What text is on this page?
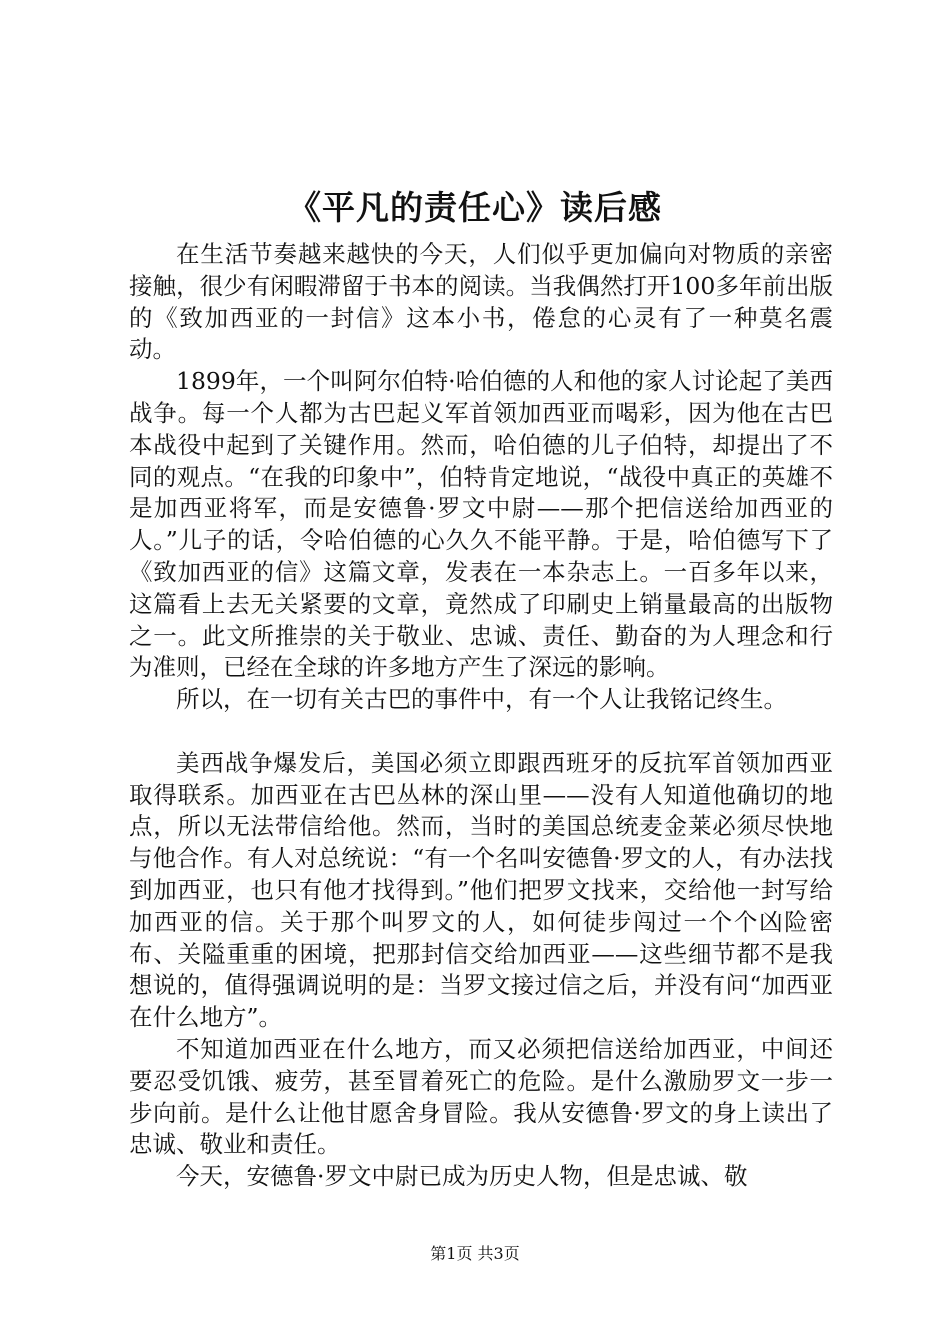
《平凡的责任心》读后感

在生活节奏越来越快的今天，人们似乎更加偏向对物质的亲密接触，很少有闲暇滞留于书本的阅读。当我偶然打开100多年前出版的《致加西亚的一封信》这本小书，倦怠的心灵有了一种莫名震动。

1899年，一个叫阿尔伯特·哈伯德的人和他的家人讨论起了美西战争。每一个人都为古巴起义军首领加西亚而喝彩，因为他在古巴本战役中起到了关键作用。然而，哈伯德的儿子伯特，却提出了不同的观点。“在我的印象中”，伯特肯定地说，“战役中真正的英雄不是加西亚将军，而是安德鲁·罗文中尉——那个把信送给加西亚的人。”儿子的话，令哈伯德的心久久不能平静。于是，哈伯德写下了《致加西亚的信》这篇文章，发表在一本杂志上。一百多年以来，这篇看上去无关紧要的文章，竟然成了印刷史上销量最高的出版物之一。此文所推崇的关于敬业、忠诚、责任、勤奋的为人理念和行为准则，已经在全球的许多地方产生了深远的影响。

所以，在一切有关古巴的事件中，有一个人让我铭记终生。

美西战争爆发后，美国必须立即跟西班牙的反抗军首领加西亚取得联系。加西亚在古巴丛林的深山里——没有人知道他确切的地点，所以无法带信给他。然而，当时的美国总统麦金莱必须尽快地与他合作。有人对总统说：“有一个名叫安德鲁·罗文的人，有办法找到加西亚，也只有他才找得到。”他们把罗文找来，交给他一封写给加西亚的信。关于那个叫罗文的人，如何徒步闯过一个个凶险密布、关隘重重的困境，把那封信交给加西亚——这些细节都不是我想说的，值得强调说明的是：当罗文接过信之后，并没有问“加西亚在什么地方”。

不知道加西亚在什么地方，而又必须把信送给加西亚，中间还要忍受饥饿、疲劳，甚至冒着死亡的危险。是什么激励罗文一步一步向前。是什么让他甘愿舍身冒险。我从安德鲁·罗文的身上读出了忠诚、敬业和责任。

今天，安德鲁·罗文中尉已成为历史人物，但是忠诚、敬

第1页 共3页
